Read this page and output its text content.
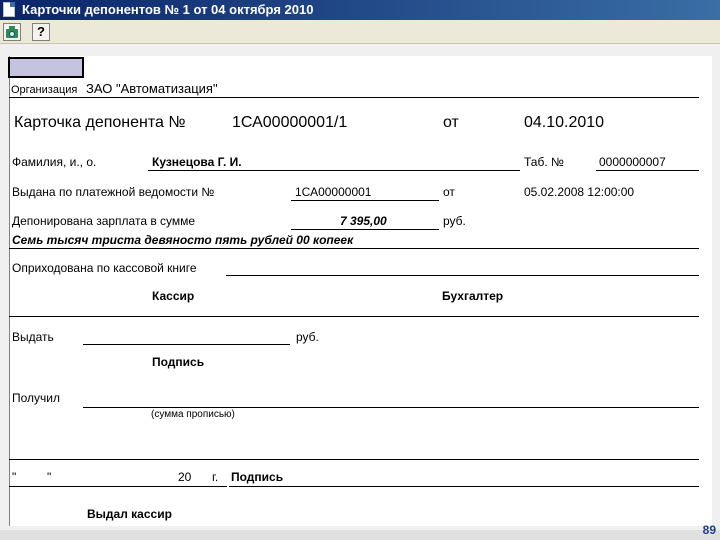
Карточки депонентов № 1 от 04 октября 2010
?
Организация ЗАО "Автоматизация"
Карточка депонента №	1СА00000001/1	от	04.10.2010
Фамилия, и., о.	Кузнецова Г. И.	Таб. №	0000000007
Выдана по платежной ведомости №	1СА00000001	от	05.02.2008 12:00:00
Депонирована зарплата в сумме	7 395,00	руб.
Семь тысяч триста девяносто пять рублей 00 копеек
Оприходована по кассовой книге
Кассир	Бухгалтер
Выдать	руб.
Подпись
Получил
(сумма прописью)
"	"	20 г. Подпись
Выдал кассир
89
